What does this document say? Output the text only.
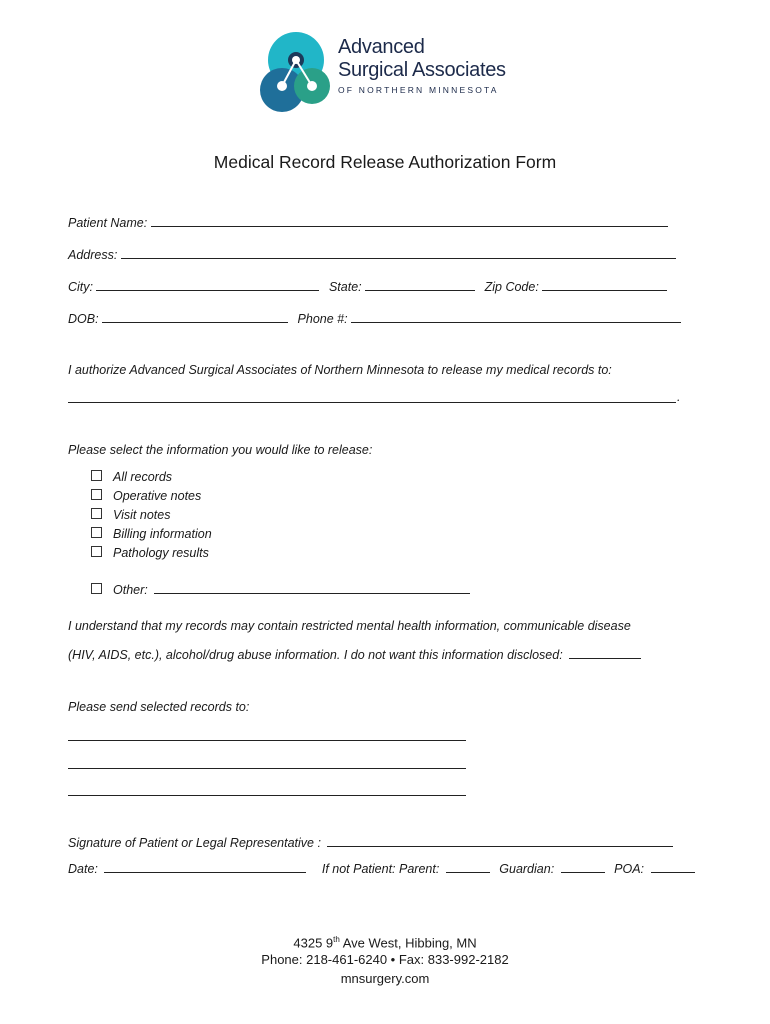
Advanced
Surgical Associates
OF NORTHERN MINNESOTA
Medical Record Release Authorization Form
Patient Name:
Address:
City:	State:	Zip Code:
DOB:	Phone #:
I authorize Advanced Surgical Associates of Northern Minnesota to release my medical records to:
.
Please select the information you would like to release:
All records
Operative notes
Visit notes
Billing information
Pathology results
Other:
I understand that my records may contain restricted mental health information, communicable disease
(HIV, AIDS, etc.), alcohol/drug abuse information. I do not want this information disclosed:
Please send selected records to:
Signature of Patient or Legal Representative :
Date:	If not Patient: Parent:	Guardian:	POA:
4325 9th Ave West, Hibbing, MN
Phone: 218-461-6240 • Fax: 833-992-2182
mnsurgery.com
